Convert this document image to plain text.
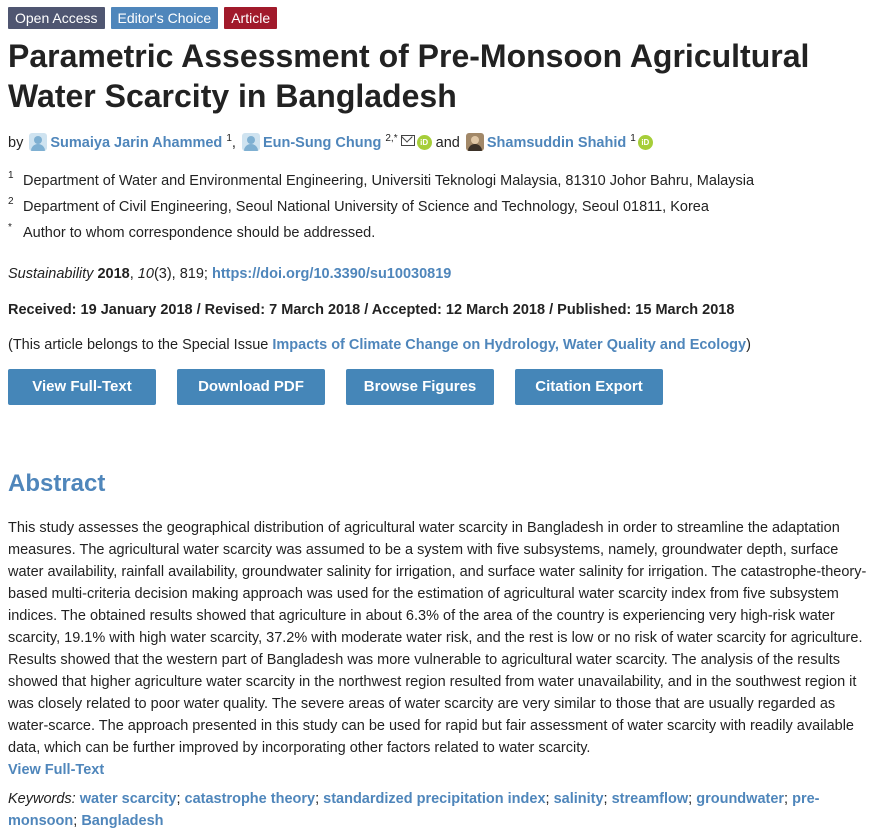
Open Access	Editor's Choice	Article
Parametric Assessment of Pre-Monsoon Agricultural Water Scarcity in Bangladesh
by Sumaiya Jarin Ahammed $^1$, Eun-Sung Chung $^{2,*}$	iD and Shamsuddin Shahid $^1$ iD
1 Department of Water and Environmental Engineering, Universiti Teknologi Malaysia, 81310 Johor Bahru, Malaysia
2 Department of Civil Engineering, Seoul National University of Science and Technology, Seoul 01811, Korea
* Author to whom correspondence should be addressed.
Sustainability 2018, 10(3), 819; https://doi.org/10.3390/su10030819
Received: 19 January 2018 / Revised: 7 March 2018 / Accepted: 12 March 2018 / Published: 15 March 2018
(This article belongs to the Special Issue Impacts of Climate Change on Hydrology, Water Quality and Ecology)
View Full-Text	Download PDF	Browse Figures	Citation Export
Abstract
This study assesses the geographical distribution of agricultural water scarcity in Bangladesh in order to streamline the adaptation measures. The agricultural water scarcity was assumed to be a system with five subsystems, namely, groundwater depth, surface water availability, rainfall availability, groundwater salinity for irrigation, and surface water salinity for irrigation. The catastrophe-theory-based multi-criteria decision making approach was used for the estimation of agricultural water scarcity index from five subsystem indices. The obtained results showed that agriculture in about 6.3% of the area of the country is experiencing very high-risk water scarcity, 19.1% with high water scarcity, 37.2% with moderate water risk, and the rest is low or no risk of water scarcity for agriculture. Results showed that the western part of Bangladesh was more vulnerable to agricultural water scarcity. The analysis of the results showed that higher agriculture water scarcity in the northwest region resulted from water unavailability, and in the southwest region it was closely related to poor water quality. The severe areas of water scarcity are very similar to those that are usually regarded as water-scarce. The approach presented in this study can be used for rapid but fair assessment of water scarcity with readily available data, which can be further improved by incorporating other factors related to water scarcity.
View Full-Text
Keywords: water scarcity; catastrophe theory; standardized precipitation index; salinity; streamflow; groundwater; pre-monsoon; Bangladesh
